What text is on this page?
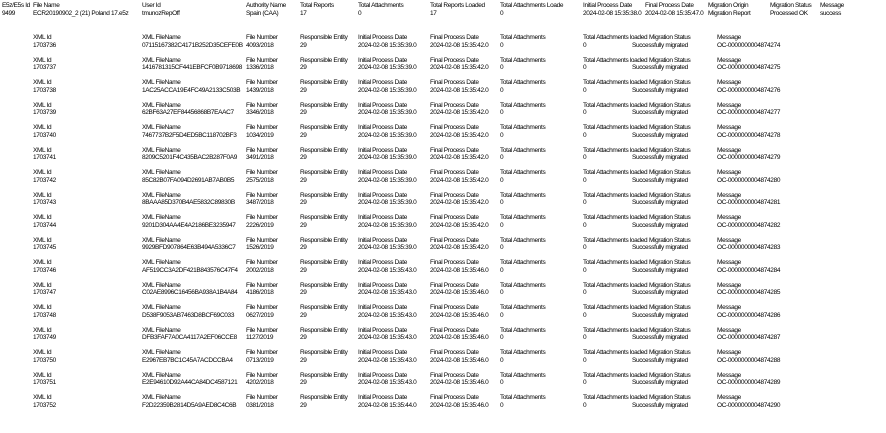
E5z/E5s Id
9499
File Name
ECR20190902_2 (21) Poland 17.e5z
User Id
tmunozRepOff
Authority Name
Spain (CAA)
Total Reports
17
Total Attachments
0
Total Reports Loaded
17
Total Attachments Loade
0
Initial Process Date
2024-02-08 15:35:38.0
Final Process Date
2024-02-08 15:35:47.0
Migration Origin
Migration Report
Migration Status
Processed OK
Message
success
XML Id
1703736
XML FileName
07115167382C4171B252D35CEFE0B
File Number
4093/2018
Responsible Entity
29
Initial Process Date
2024-02-08 15:35:39.0
Final Process Date
2024-02-08 15:35:42.0
Total Attachments
0
Total Attachments loaded
0
Migration Status
Successfully migrated
Message
OC-0000000004874274
XML Id
1703737
XML FileName
1416781315CF441EBFCF0B9718698
File Number
1336/2018
Responsible Entity
29
Initial Process Date
2024-02-08 15:35:39.0
Final Process Date
2024-02-08 15:35:42.0
Total Attachments
0
Total Attachments loaded
0
Migration Status
Successfully migrated
Message
OC-0000000004874275
XML Id
1703738
XML FileName
1AC25ACCA19E4FC49A2133C503B
File Number
1439/2018
Responsible Entity
29
Initial Process Date
2024-02-08 15:35:39.0
Final Process Date
2024-02-08 15:35:42.0
Total Attachments
0
Total Attachments loaded
0
Migration Status
Successfully migrated
Message
OC-0000000004874276
XML Id
1703739
XML FileName
62BF63A27EF84456868B7EAAC7
File Number
3346/2018
Responsible Entity
29
Initial Process Date
2024-02-08 15:35:39.0
Final Process Date
2024-02-08 15:35:42.0
Total Attachments
0
Total Attachments loaded
0
Migration Status
Successfully migrated
Message
OC-0000000004874277
XML Id
1703740
XML FileName
7467737B2F5D4ED5BC118702BF3
File Number
1034/2019
Responsible Entity
29
Initial Process Date
2024-02-08 15:35:39.0
Final Process Date
2024-02-08 15:35:42.0
Total Attachments
0
Total Attachments loaded
0
Migration Status
Successfully migrated
Message
OC-0000000004874278
XML Id
1703741
XML FileName
8209C5201F4C435BAC2B287F0A9
File Number
3491/2018
Responsible Entity
29
Initial Process Date
2024-02-08 15:35:39.0
Final Process Date
2024-02-08 15:35:42.0
Total Attachments
0
Total Attachments loaded
0
Migration Status
Successfully migrated
Message
OC-0000000004874279
XML Id
1703742
XML FileName
85C82B07FA094D2691AB7AB0B5
File Number
2575/2018
Responsible Entity
29
Initial Process Date
2024-02-08 15:35:39.0
Final Process Date
2024-02-08 15:35:42.0
Total Attachments
0
Total Attachments loaded
0
Migration Status
Successfully migrated
Message
OC-0000000004874280
XML Id
1703743
XML FileName
8BAAA85D370B4AE5832C89830B
File Number
3487/2018
Responsible Entity
29
Initial Process Date
2024-02-08 15:35:39.0
Final Process Date
2024-02-08 15:35:42.0
Total Attachments
0
Total Attachments loaded
0
Migration Status
Successfully migrated
Message
OC-0000000004874281
XML Id
1703744
XML FileName
9201D304AA4E4A2186BE3235947
File Number
2226/2019
Responsible Entity
29
Initial Process Date
2024-02-08 15:35:39.0
Final Process Date
2024-02-08 15:35:42.0
Total Attachments
0
Total Attachments loaded
0
Migration Status
Successfully migrated
Message
OC-0000000004874282
XML Id
1703745
XML FileName
9929BFD907864E63B494A5336C7
File Number
1526/2019
Responsible Entity
29
Initial Process Date
2024-02-08 15:35:39.0
Final Process Date
2024-02-08 15:35:42.0
Total Attachments
0
Total Attachments loaded
0
Migration Status
Successfully migrated
Message
OC-0000000004874283
XML Id
1703746
XML FileName
AF519CC3A2DF421B843576C47F4
File Number
2002/2018
Responsible Entity
29
Initial Process Date
2024-02-08 15:35:43.0
Final Process Date
2024-02-08 15:35:46.0
Total Attachments
0
Total Attachments loaded
0
Migration Status
Successfully migrated
Message
OC-0000000004874284
XML Id
1703747
XML FileName
C02AE8996C16456BA938A1B4A84
File Number
4186/2018
Responsible Entity
29
Initial Process Date
2024-02-08 15:35:43.0
Final Process Date
2024-02-08 15:35:46.0
Total Attachments
0
Total Attachments loaded
0
Migration Status
Successfully migrated
Message
OC-0000000004874285
XML Id
1703748
XML FileName
D538F9053AB7463D8BCF69C033
File Number
0627/2019
Responsible Entity
29
Initial Process Date
2024-02-08 15:35:43.0
Final Process Date
2024-02-08 15:35:46.0
Total Attachments
0
Total Attachments loaded
0
Migration Status
Successfully migrated
Message
OC-0000000004874286
XML Id
1703749
XML FileName
DFB3FAF7A0CA4117A2EF06CCE8
File Number
1127/2019
Responsible Entity
29
Initial Process Date
2024-02-08 15:35:43.0
Final Process Date
2024-02-08 15:35:46.0
Total Attachments
0
Total Attachments loaded
0
Migration Status
Successfully migrated
Message
OC-0000000004874287
XML Id
1703750
XML FileName
E2967EB7BC1C45A7ACDCCBA4
File Number
0713/2019
Responsible Entity
29
Initial Process Date
2024-02-08 15:35:43.0
Final Process Date
2024-02-08 15:35:46.0
Total Attachments
0
Total Attachments loaded
0
Migration Status
Successfully migrated
Message
OC-0000000004874288
XML Id
1703751
XML FileName
E2E94610D92A44CA84DC4587121
File Number
4202/2018
Responsible Entity
29
Initial Process Date
2024-02-08 15:35:43.0
Final Process Date
2024-02-08 15:35:46.0
Total Attachments
0
Total Attachments loaded
0
Migration Status
Successfully migrated
Message
OC-0000000004874289
XML Id
1703752
XML FileName
F2D22359B2814D5A9AED8C4C6B
File Number
0381/2018
Responsible Entity
29
Initial Process Date
2024-02-08 15:35:44.0
Final Process Date
2024-02-08 15:35:46.0
Total Attachments
0
Total Attachments loaded
0
Migration Status
Successfully migrated
Message
OC-0000000004874290
